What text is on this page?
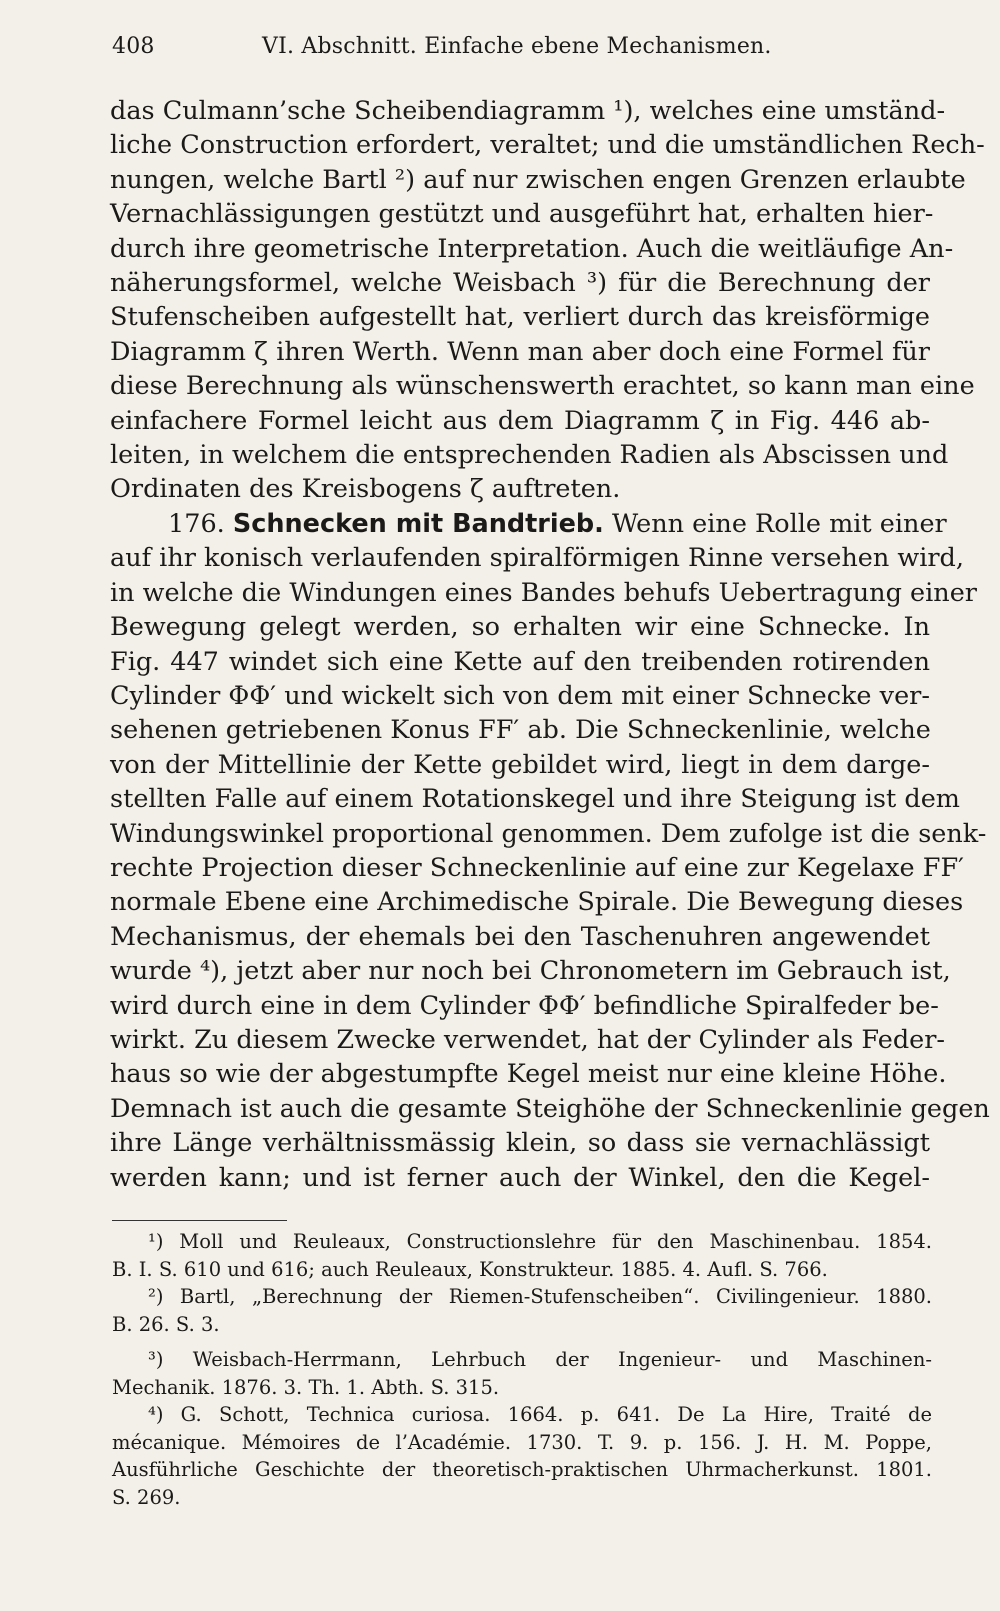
408	VI. Abschnitt. Einfache ebene Mechanismen.
das Culmann’sche Scheibendiagramm ¹), welches eine umständ-
liche Construction erfordert, veraltet; und die umständlichen Rech-
nungen, welche Bartl ²) auf nur zwischen engen Grenzen erlaubte
Vernachlässigungen gestützt und ausgeführt hat, erhalten hier-
durch ihre geometrische Interpretation. Auch die weitläufige An-
näherungsformel, welche Weisbach ³) für die Berechnung der
Stufenscheiben aufgestellt hat, verliert durch das kreisförmige
Diagramm ζ ihren Werth. Wenn man aber doch eine Formel für
diese Berechnung als wünschenswerth erachtet, so kann man eine
einfachere Formel leicht aus dem Diagramm ζ in Fig. 446 ab-
leiten, in welchem die entsprechenden Radien als Abscissen und
Ordinaten des Kreisbogens ζ auftreten.
176. Schnecken mit Bandtrieb. Wenn eine Rolle mit einer
auf ihr konisch verlaufenden spiralförmigen Rinne versehen wird,
in welche die Windungen eines Bandes behufs Uebertragung einer
Bewegung gelegt werden, so erhalten wir eine Schnecke. In
Fig. 447 windet sich eine Kette auf den treibenden rotirenden
Cylinder ΦΦ′ und wickelt sich von dem mit einer Schnecke ver-
sehenen getriebenen Konus FF′ ab. Die Schneckenlinie, welche
von der Mittellinie der Kette gebildet wird, liegt in dem darge-
stellten Falle auf einem Rotationskegel und ihre Steigung ist dem
Windungswinkel proportional genommen. Dem zufolge ist die senk-
rechte Projection dieser Schneckenlinie auf eine zur Kegelaxe FF′
normale Ebene eine Archimedische Spirale. Die Bewegung dieses
Mechanismus, der ehemals bei den Taschenuhren angewendet
wurde ⁴), jetzt aber nur noch bei Chronometern im Gebrauch ist,
wird durch eine in dem Cylinder ΦΦ′ befindliche Spiralfeder be-
wirkt. Zu diesem Zwecke verwendet, hat der Cylinder als Feder-
haus so wie der abgestumpfte Kegel meist nur eine kleine Höhe.
Demnach ist auch die gesamte Steighöhe der Schneckenlinie gegen
ihre Länge verhältnissmässig klein, so dass sie vernachlässigt
werden kann; und ist ferner auch der Winkel, den die Kegel-
¹) Moll und Reuleaux, Constructionslehre für den Maschinenbau. 1854.
B. I. S. 610 und 616; auch Reuleaux, Konstrukteur. 1885. 4. Aufl. S. 766.
²) Bartl, „Berechnung der Riemen-Stufenscheiben“. Civilingenieur. 1880.
B. 26. S. 3.
³) Weisbach-Herrmann, Lehrbuch der Ingenieur- und Maschinen-
Mechanik. 1876. 3. Th. 1. Abth. S. 315.
⁴) G. Schott, Technica curiosa. 1664. p. 641. De La Hire, Traité de
mécanique. Mémoires de l’Académie. 1730. T. 9. p. 156. J. H. M. Poppe,
Ausführliche Geschichte der theoretisch-praktischen Uhrmacherkunst. 1801.
S. 269.
